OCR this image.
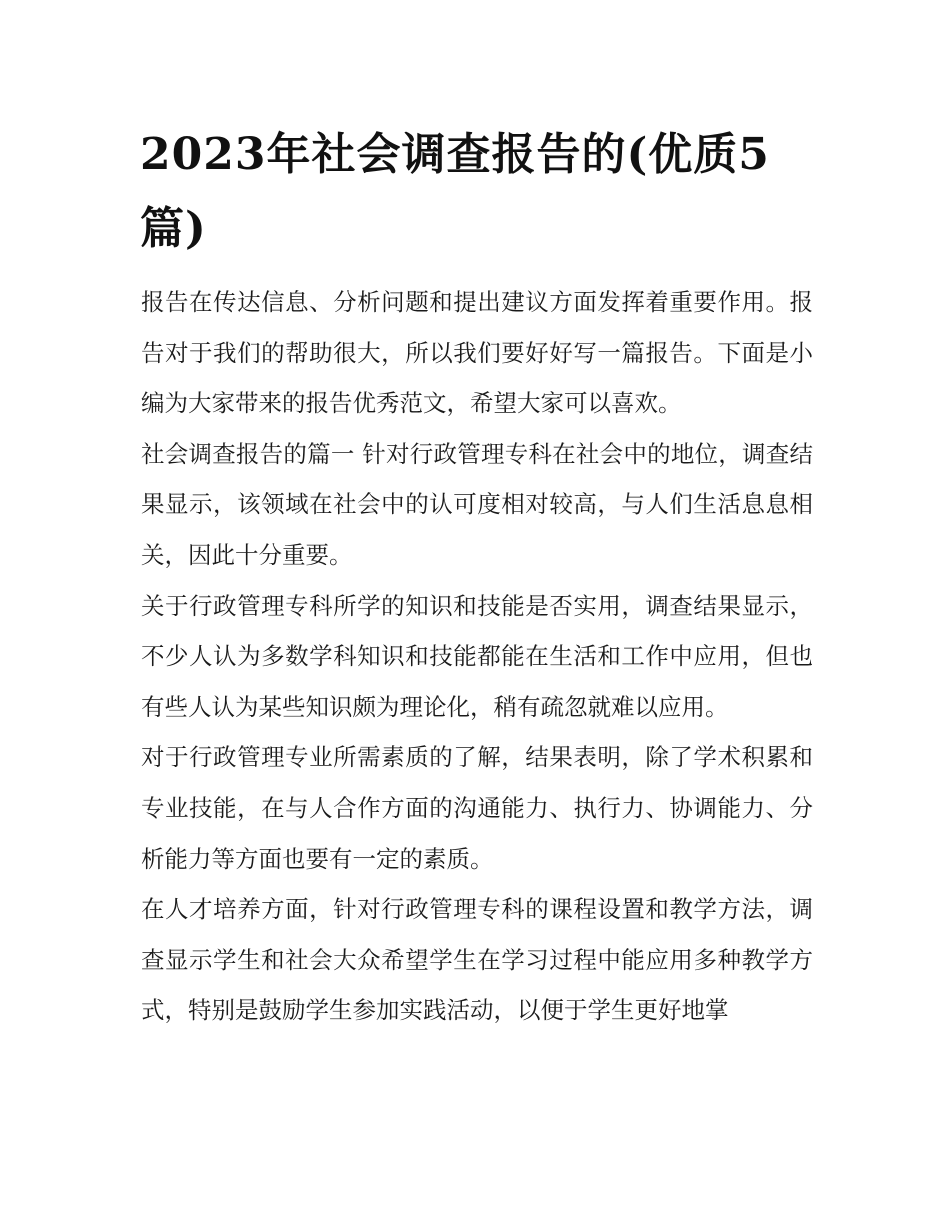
2023年社会调查报告的(优质5篇)

报告在传达信息、分析问题和提出建议方面发挥着重要作用。报告对于我们的帮助很大，所以我们要好好写一篇报告。下面是小编为大家带来的报告优秀范文，希望大家可以喜欢。

社会调查报告的篇一 针对行政管理专科在社会中的地位，调查结果显示，该领域在社会中的认可度相对较高，与人们生活息息相关，因此十分重要。

关于行政管理专科所学的知识和技能是否实用，调查结果显示，不少人认为多数学科知识和技能都能在生活和工作中应用，但也有些人认为某些知识颇为理论化，稍有疏忽就难以应用。

对于行政管理专业所需素质的了解，结果表明，除了学术积累和专业技能，在与人合作方面的沟通能力、执行力、协调能力、分析能力等方面也要有一定的素质。

在人才培养方面，针对行政管理专科的课程设置和教学方法，调查显示学生和社会大众希望学生在学习过程中能应用多种教学方式，特别是鼓励学生参加实践活动，以便于学生更好地掌
